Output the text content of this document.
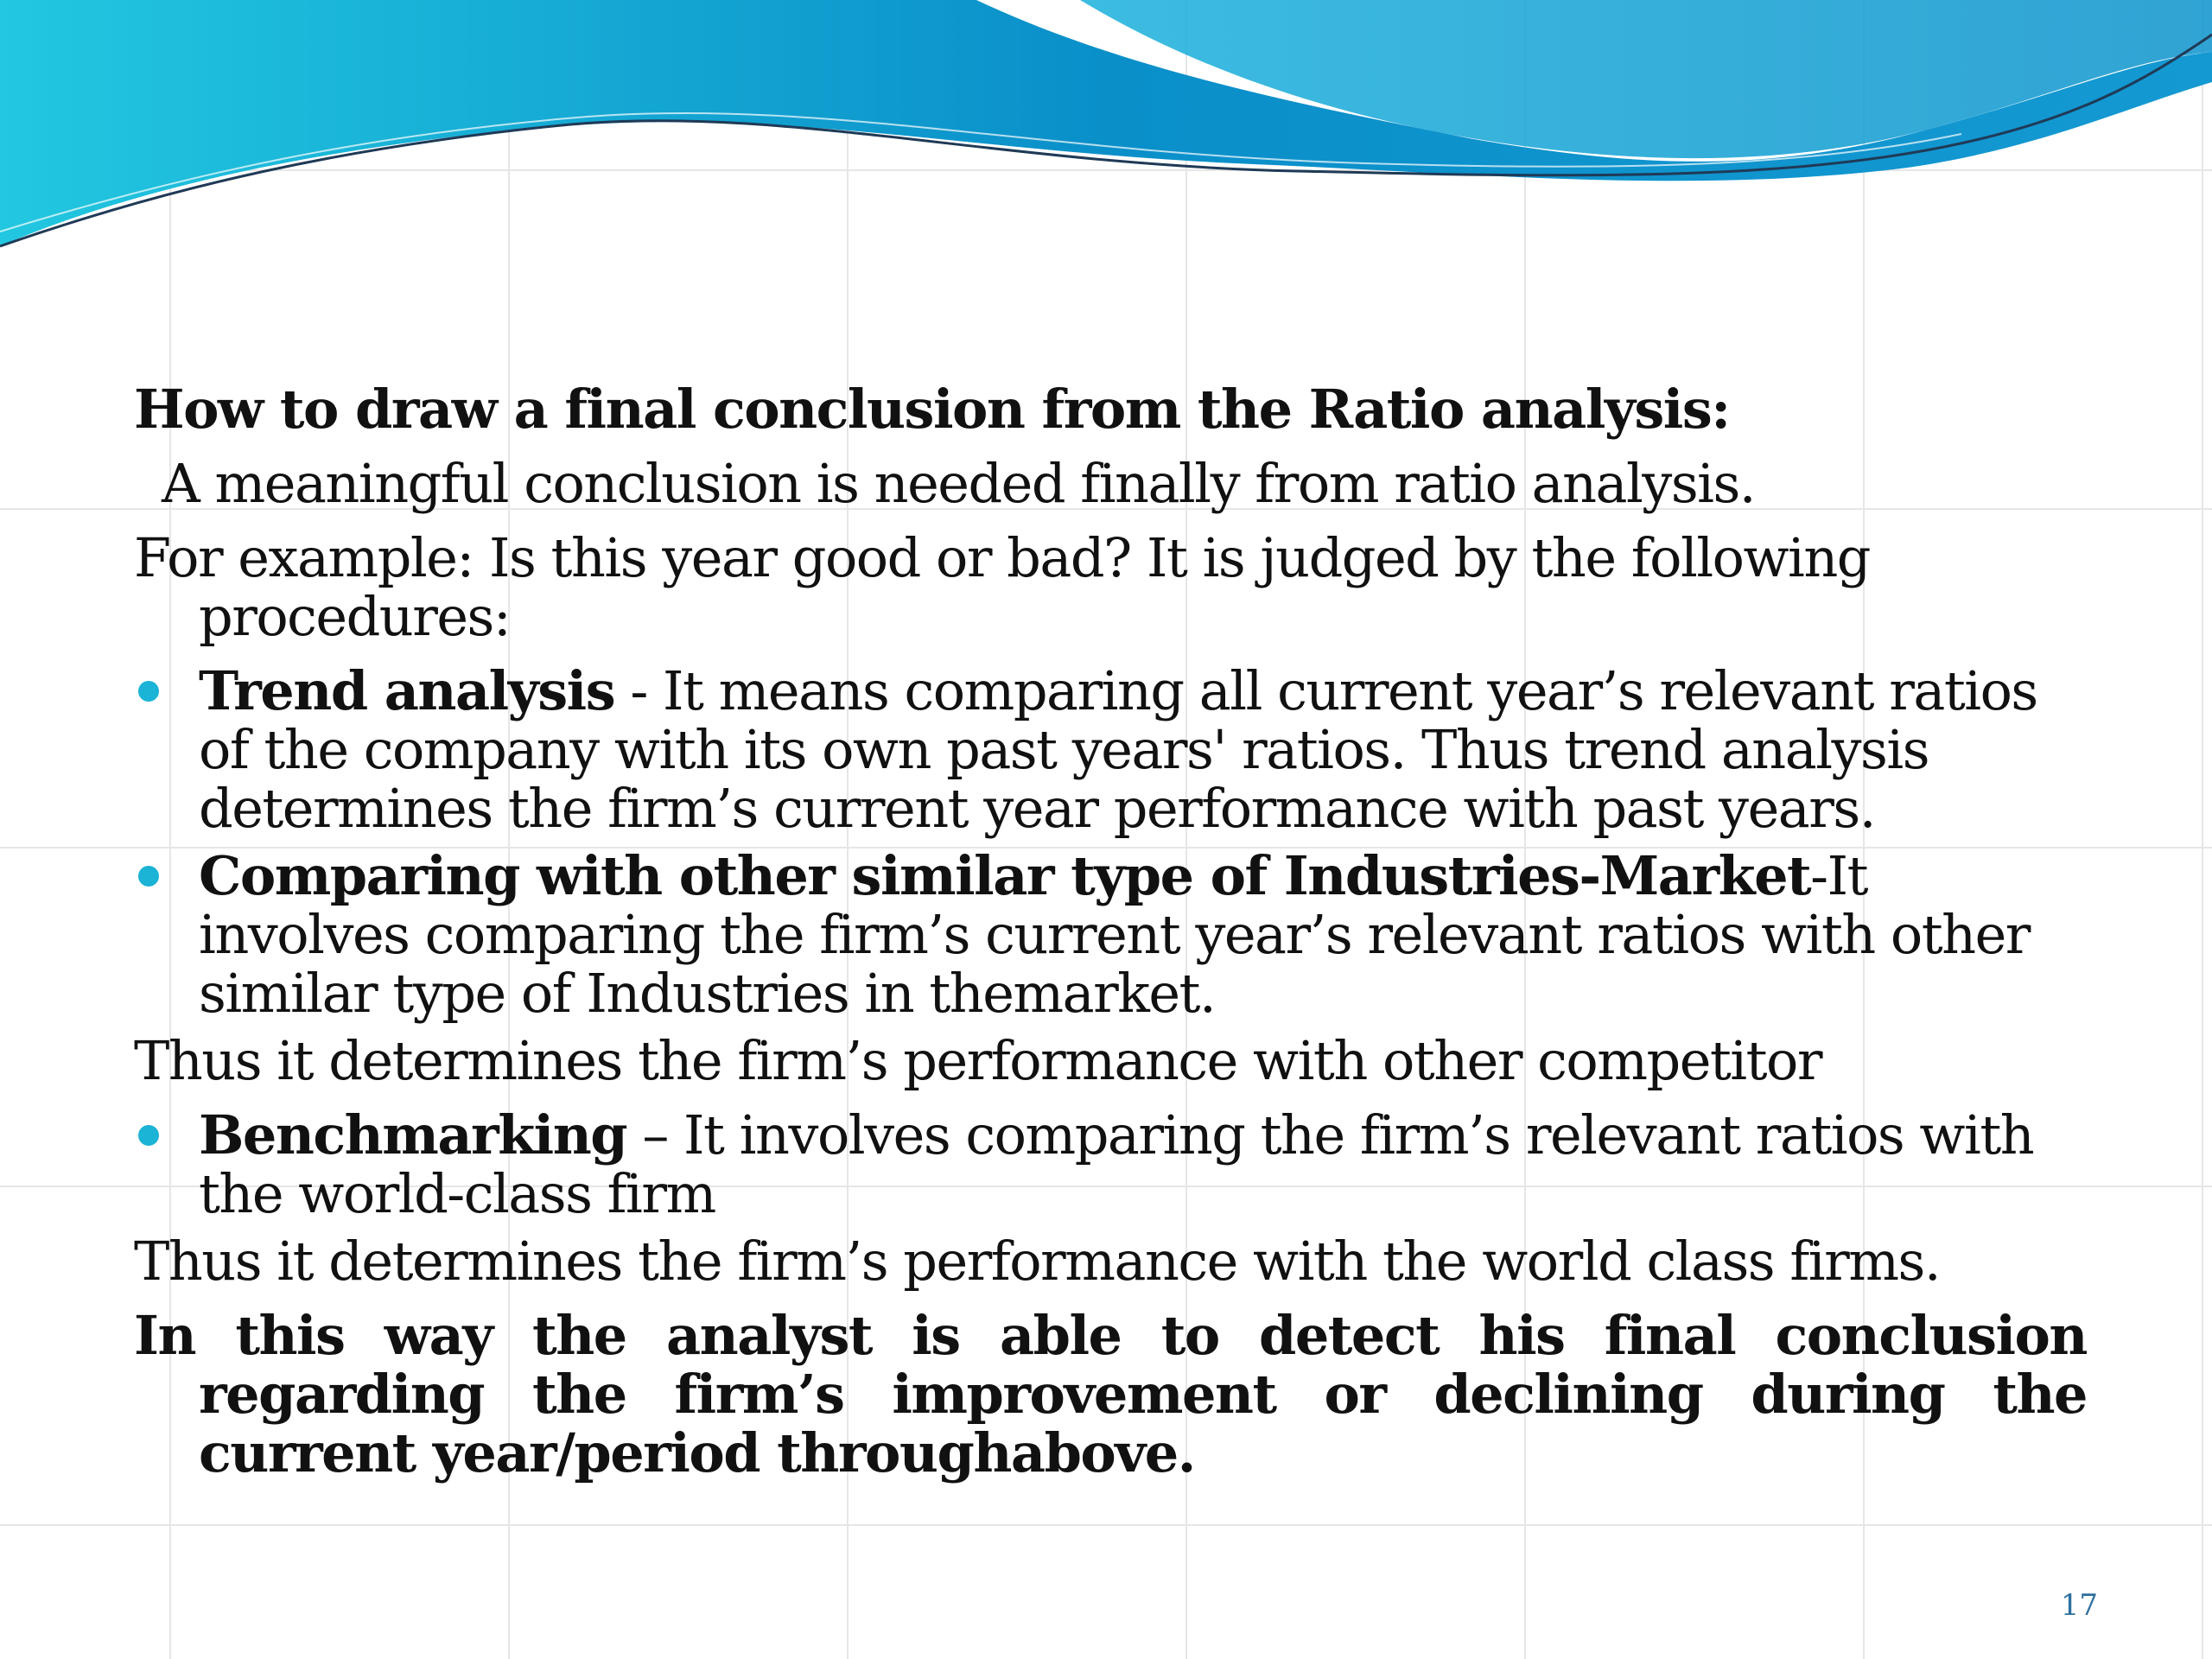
How to draw a final conclusion from the Ratio analysis:
A meaningful conclusion is needed finally from ratio analysis.
For example: Is this year good or bad? It is judged by the following procedures:
Trend analysis - It means comparing all current year’s relevant ratios of the company with its own past years' ratios. Thus trend analysis determines the firm’s current year performance with past years.
Comparing with other similar type of Industries-Market-It involves comparing the firm’s current year’s relevant ratios with other similar type of Industries in themarket.
Thus it determines the firm’s performance with other competitor
Benchmarking – It involves comparing the firm’s relevant ratios with the world-class firm
Thus it determines the firm’s performance with the world class firms.
In this way the analyst is able to detect his final conclusion regarding the firm’s improvement or declining during the current year/period throughabove.
17
